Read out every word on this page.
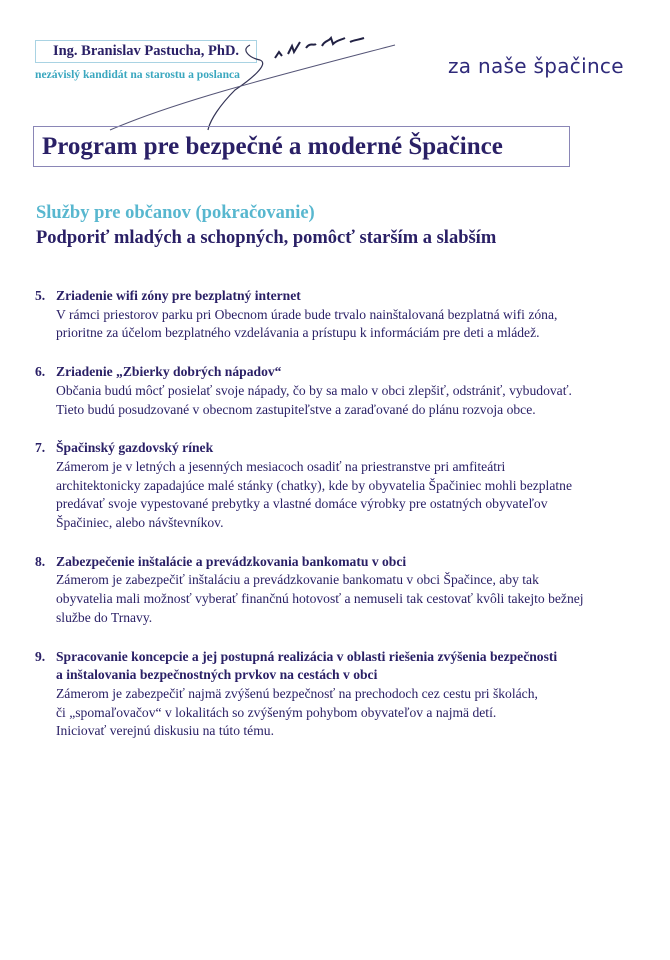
Ing. Branislav Pastucha, PhD.
nezávislý kandidát na starostu a poslanca	za naše špačince
Program pre bezpečné a moderné Špačince
Služby pre občanov (pokračovanie)
Podporiť mladých a schopných, pomôcť starším a slabším
5. Zriadenie wifi zóny pre bezplatný internet
V rámci priestorov parku pri Obecnom úrade bude trvalo nainštalovaná bezplatná wifi zóna,
prioritne za účelom bezplatného vzdelávania a prístupu k informáciám pre deti a mládež.
6. Zriadenie „Zbierky dobrých nápadov“
Občania budú môcť posielať svoje nápady, čo by sa malo v obci zlepšiť, odstrániť, vybudovať.
Tieto budú posudzované v obecnom zastupiteľstve a zaraďované do plánu rozvoja obce.
7. Špačinský gazdovský rínek
Zámerom je v letných a jesenných mesiacoch osadiť na priestranstve pri amfiteátri
architektonicky zapadajúce malé stánky (chatky), kde by obyvatelia Špačiniec mohli bezplatne
predávať svoje vypestované prebytky a vlastné domáce výrobky pre ostatných obyvateľov
Špačiniec, alebo návštevníkov.
8. Zabezpečenie inštalácie a prevádzkovania bankomatu v obci
Zámerom je zabezpečiť inštaláciu a prevádzkovanie bankomatu v obci Špačince, aby tak
obyvatelia mali možnosť vyberať finančnú hotovosť a nemuseli tak cestovať kvôli takejto bežnej
službe do Trnavy.
9. Spracovanie koncepcie a jej postupná realizácia v oblasti riešenia zvýšenia bezpečnosti
a inštalovania bezpečnostných prvkov na cestách v obci
Zámerom je zabezpečiť najmä zvýšenú bezpečnosť na prechodoch cez cestu pri školách,
či „spomaľovačov“ v lokalitách so zvýšeným pohybom obyvateľov a najmä detí.
Iniciovať verejnú diskusiu na túto tému.
